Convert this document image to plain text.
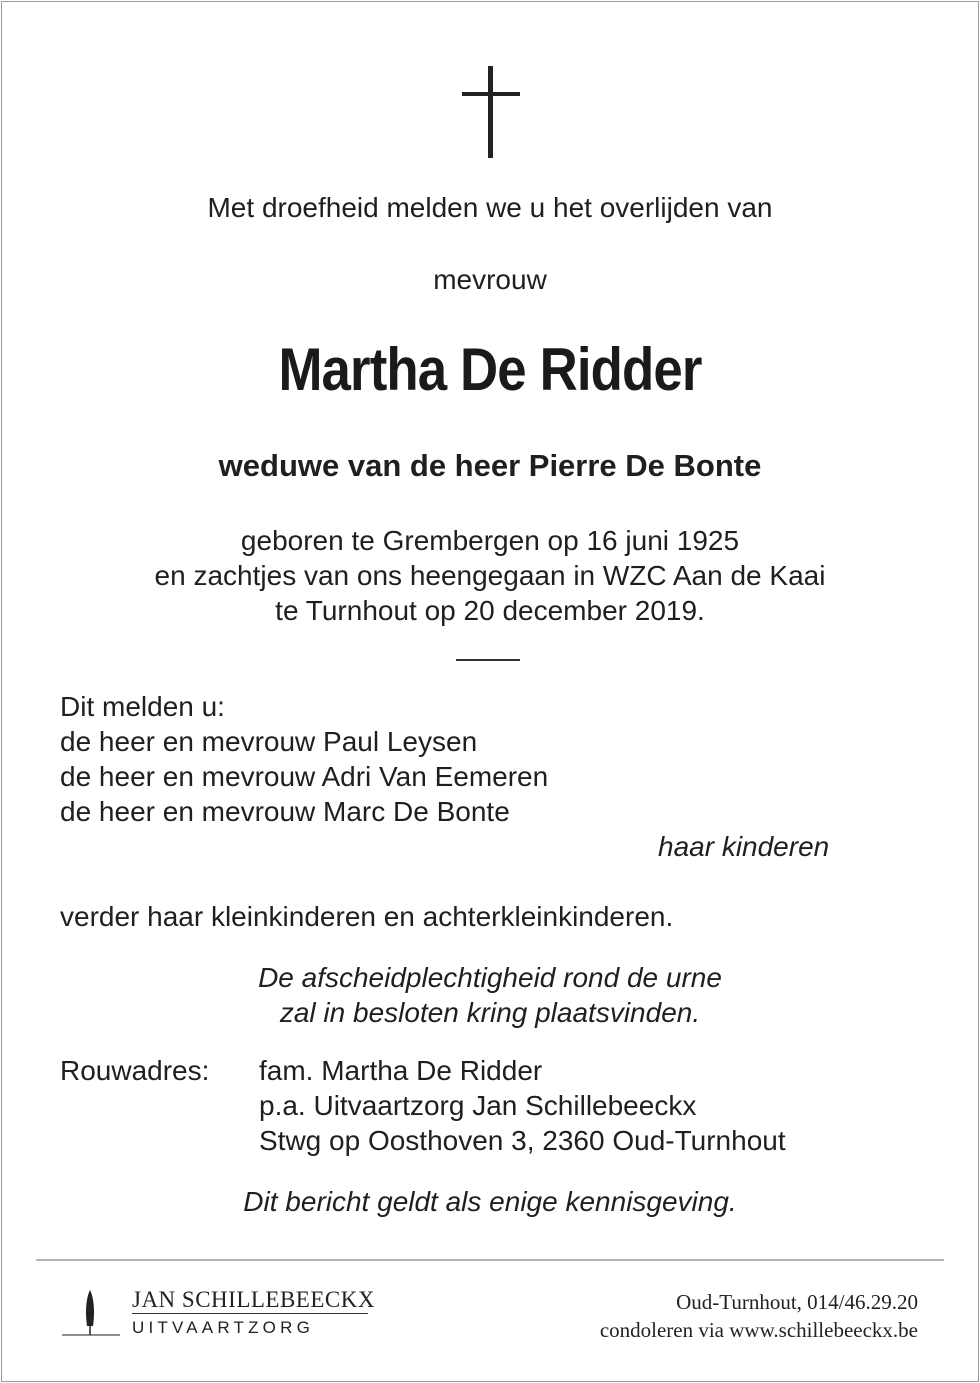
Met droefheid melden we u het overlijden van
mevrouw
Martha De Ridder
weduwe van de heer Pierre De Bonte
geboren te Grembergen op 16 juni 1925
en zachtjes van ons heengegaan in WZC Aan de Kaai
te Turnhout op 20 december 2019.
Dit melden u:
de heer en mevrouw Paul Leysen
de heer en mevrouw Adri Van Eemeren
de heer en mevrouw Marc De Bonte
haar kinderen
verder haar kleinkinderen en achterkleinkinderen.
De afscheidplechtigheid rond de urne
zal in besloten kring plaatsvinden.
Rouwadres: fam. Martha De Ridder
p.a. Uitvaartzorg Jan Schillebeeckx
Stwg op Oosthoven 3, 2360 Oud-Turnhout
Dit bericht geldt als enige kennisgeving.
JAN SCHILLEBEECKX
UITVAARTZORG
Oud-Turnhout, 014/46.29.20
condoleren via www.schillebeeckx.be
